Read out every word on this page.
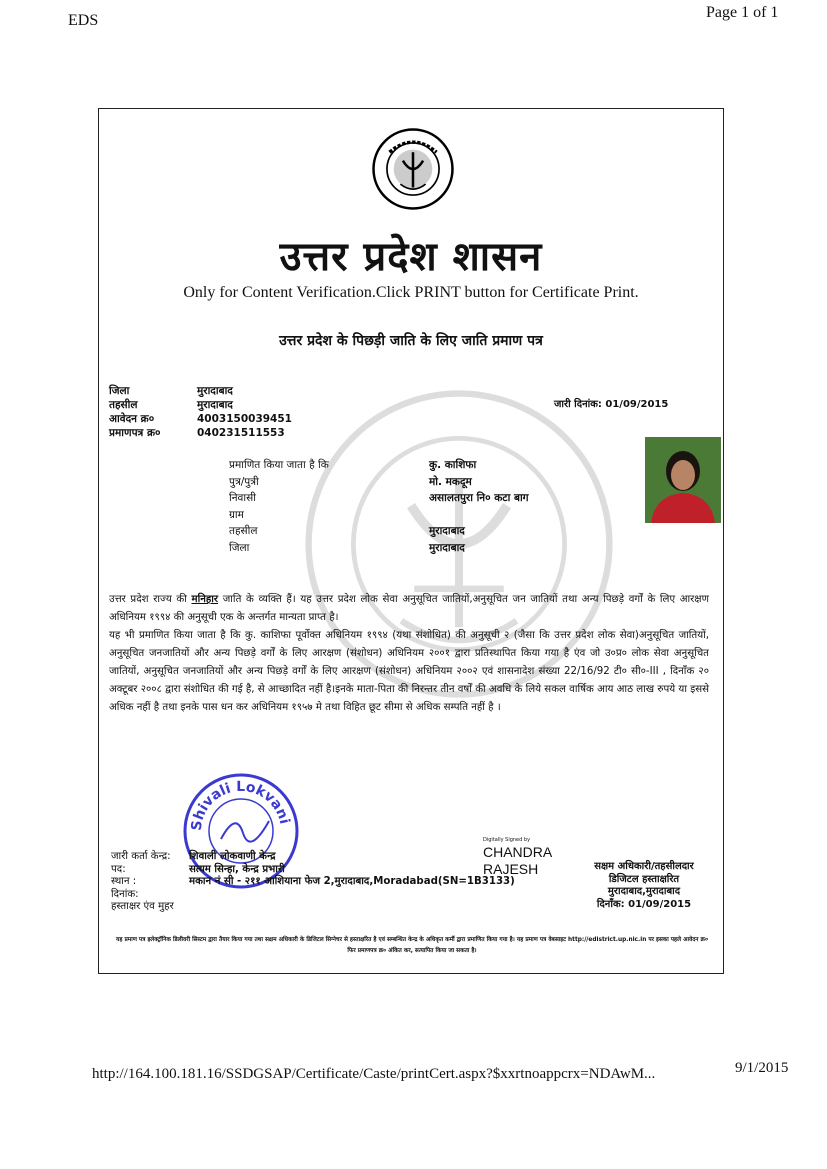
EDS	Page 1 of 1
उत्तर प्रदेश शासन
Only for Content Verification.Click PRINT button for Certificate Print.
उत्तर प्रदेश के पिछड़ी जाति के लिए जाति प्रमाण पत्र
जिला	मुरादाबाद
तहसील	मुरादाबाद
आवेदन क्र०	4003150039451
प्रमाणपत्र क्र०	040231511553
जारी दिनांक: 01/09/2015
प्रमाणित किया जाता है कि	कु. काशिफा
पुत्र/पुत्री	मो. मकदूम
निवासी	असालतपुरा नि० कटा बाग
ग्राम
तहसील	मुरादाबाद
जिला	मुरादाबाद

उत्तर प्रदेश राज्य की मनिहार जाति के व्यक्ति हैं। यह उत्तर प्रदेश लोक सेवा अनुसूचित जातियों,अनुसूचित जन जातियों तथा अन्य पिछड़े वर्गों के लिए आरक्षण अधिनियम १९९४ की अनुसूची एक के अन्तर्गत मान्यता प्राप्त है।

यह भी प्रमाणित किया जाता है कि कु. काशिफा पूर्वोक्त अधिनियम १९९४ (यथा संशोधित) की अनुसूची २ (जैसा कि उत्तर प्रदेश लोक सेवा)अनुसूचित जातियों, अनुसूचित जनजातियों और अन्य पिछड़े वर्गों के लिए आरक्षण (संशोधन) अधिनियम २००१ द्वारा प्रतिस्थापित किया गया है एंव जो उ०प्र० लोक सेवा अनुसूचित जातियों, अनुसूचित जनजातियों और अन्य पिछड़े वर्गों के लिए आरक्षण (संशोधन) अधिनियम २००२ एवं शासनादेश संख्या 22/16/92 टी० सी०-III , दिनाँक २० अक्टूबर २००८ द्वारा संशोधित की गई है, से आच्छादित नहीं है।इनके माता-पिता की निरन्तर तीन वर्षों की अवधि के लिये सकल वार्षिक आय आठ लाख रुपये या इससे अधिक नहीं है तथा इनके पास धन कर अधिनियम १९५७ मे तथा विहित छूट सीमा से अधिक सम्पति नहीं है ।

Shivali Lokvani
जारी कर्ता केन्द्र:	शिवाली लोकवाणी केन्द्र
पद:	सत्यम सिन्हा, केन्द्र प्रभारी
स्थान :	मकान नं सी - २११ आशियाना फेज 2,मुरादाबाद,Moradabad(SN=1B3133)
दिनांक:
हस्ताक्षर एंव मुहर
Digitally Signed by
CHANDRA
RAJESH	सक्षम अधिकारी/तहसीलदार
डिजिटल हस्ताक्षरित
मुरादाबाद,मुरादाबाद
दिनाँक: 01/09/2015
यह प्रमाण पत्र इलेक्ट्रॉनिक डिलीवरी सिस्टम द्वारा तैयार किया गया तथा सक्षम अधिकारी के डिजिटल सिग्नेचर से हस्ताक्षरित है एवं सम्बन्धित केन्द्र के अधिकृत कर्मी द्वारा प्रमाणित किया गया है। यह प्रमाण पत्र वेबसाइट http://edistrict.up.nic.in पर इसका पहले आवेदन क्र० फिर प्रमाणपत्र क्र० अंकित कर, सत्यापित किया जा सकता है।
http://164.100.181.16/SSDGSAP/Certificate/Caste/printCert.aspx?$xxrtnoappcrx=NDAwM...	9/1/2015
